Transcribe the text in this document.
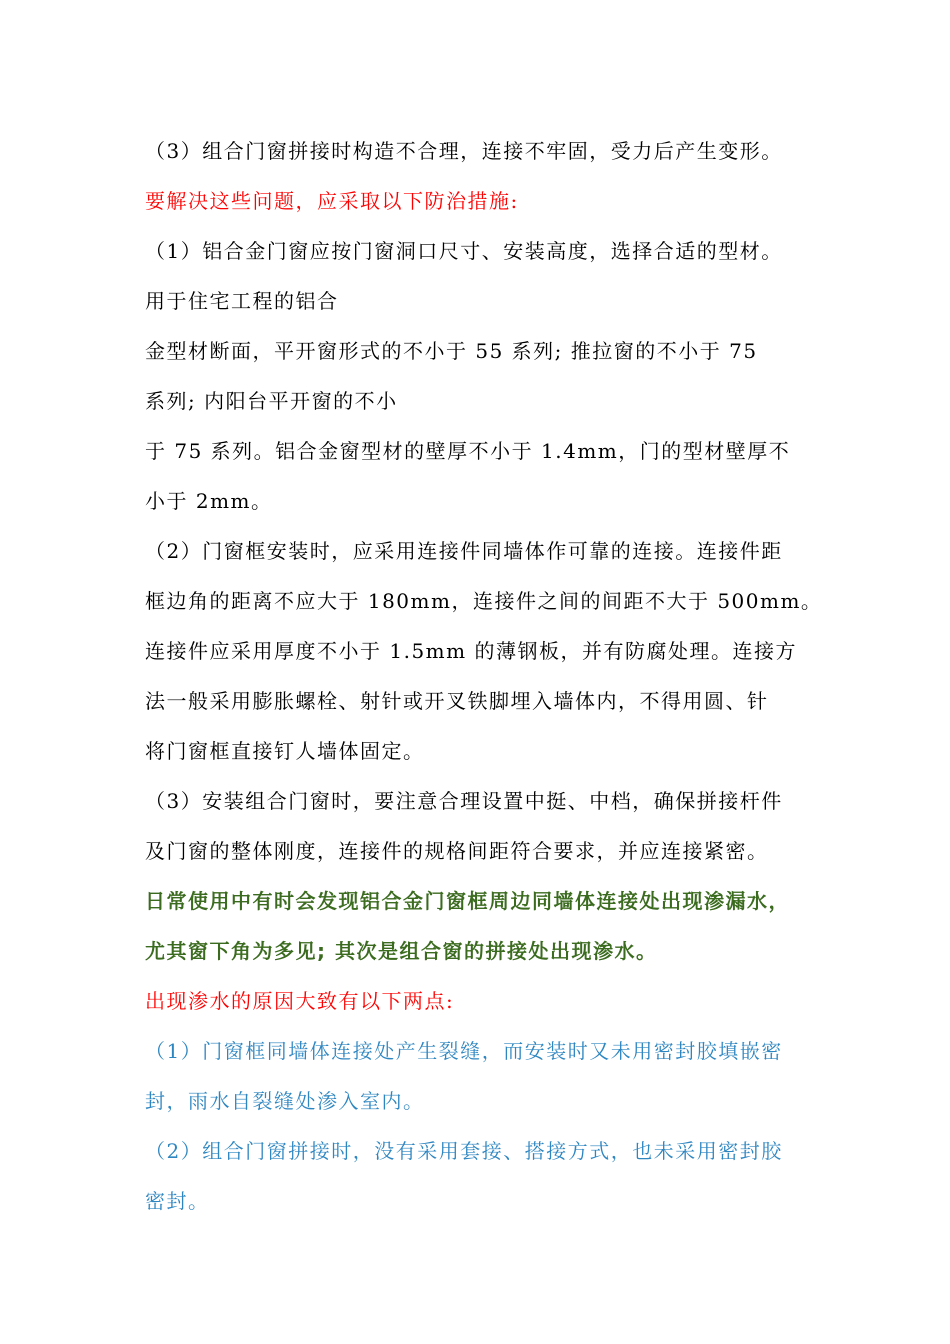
（3）组合门窗拼接时构造不合理，连接不牢固，受力后产生变形。
要解决这些问题，应采取以下防治措施:
（1）铝合金门窗应按门窗洞口尺寸、安装高度，选择合适的型材。
用于住宅工程的铝合
金型材断面，平开窗形式的不小于 55 系列; 推拉窗的不小于 75
系列; 内阳台平开窗的不小
于 75 系列。铝合金窗型材的壁厚不小于 1.4mm，门的型材壁厚不
小于 2mm。
（2）门窗框安装时，应采用连接件同墙体作可靠的连接。连接件距
框边角的距离不应大于 180mm，连接件之间的间距不大于 500mm。
连接件应采用厚度不小于 1.5mm 的薄钢板，并有防腐处理。连接方
法一般采用膨胀螺栓、射针或开叉铁脚埋入墙体内，不得用圆、针
将门窗框直接钉人墙体固定。
（3）安装组合门窗时，要注意合理设置中挺、中档，确保拼接杆件
及门窗的整体刚度，连接件的规格间距符合要求，并应连接紧密。
日常使用中有时会发现铝合金门窗框周边同墙体连接处出现渗漏水，
尤其窗下角为多见; 其次是组合窗的拼接处出现渗水。
出现渗水的原因大致有以下两点:
（1）门窗框同墙体连接处产生裂缝，而安装时又未用密封胶填嵌密
封，雨水自裂缝处渗入室内。
（2）组合门窗拼接时，没有采用套接、搭接方式，也未采用密封胶
密封。
